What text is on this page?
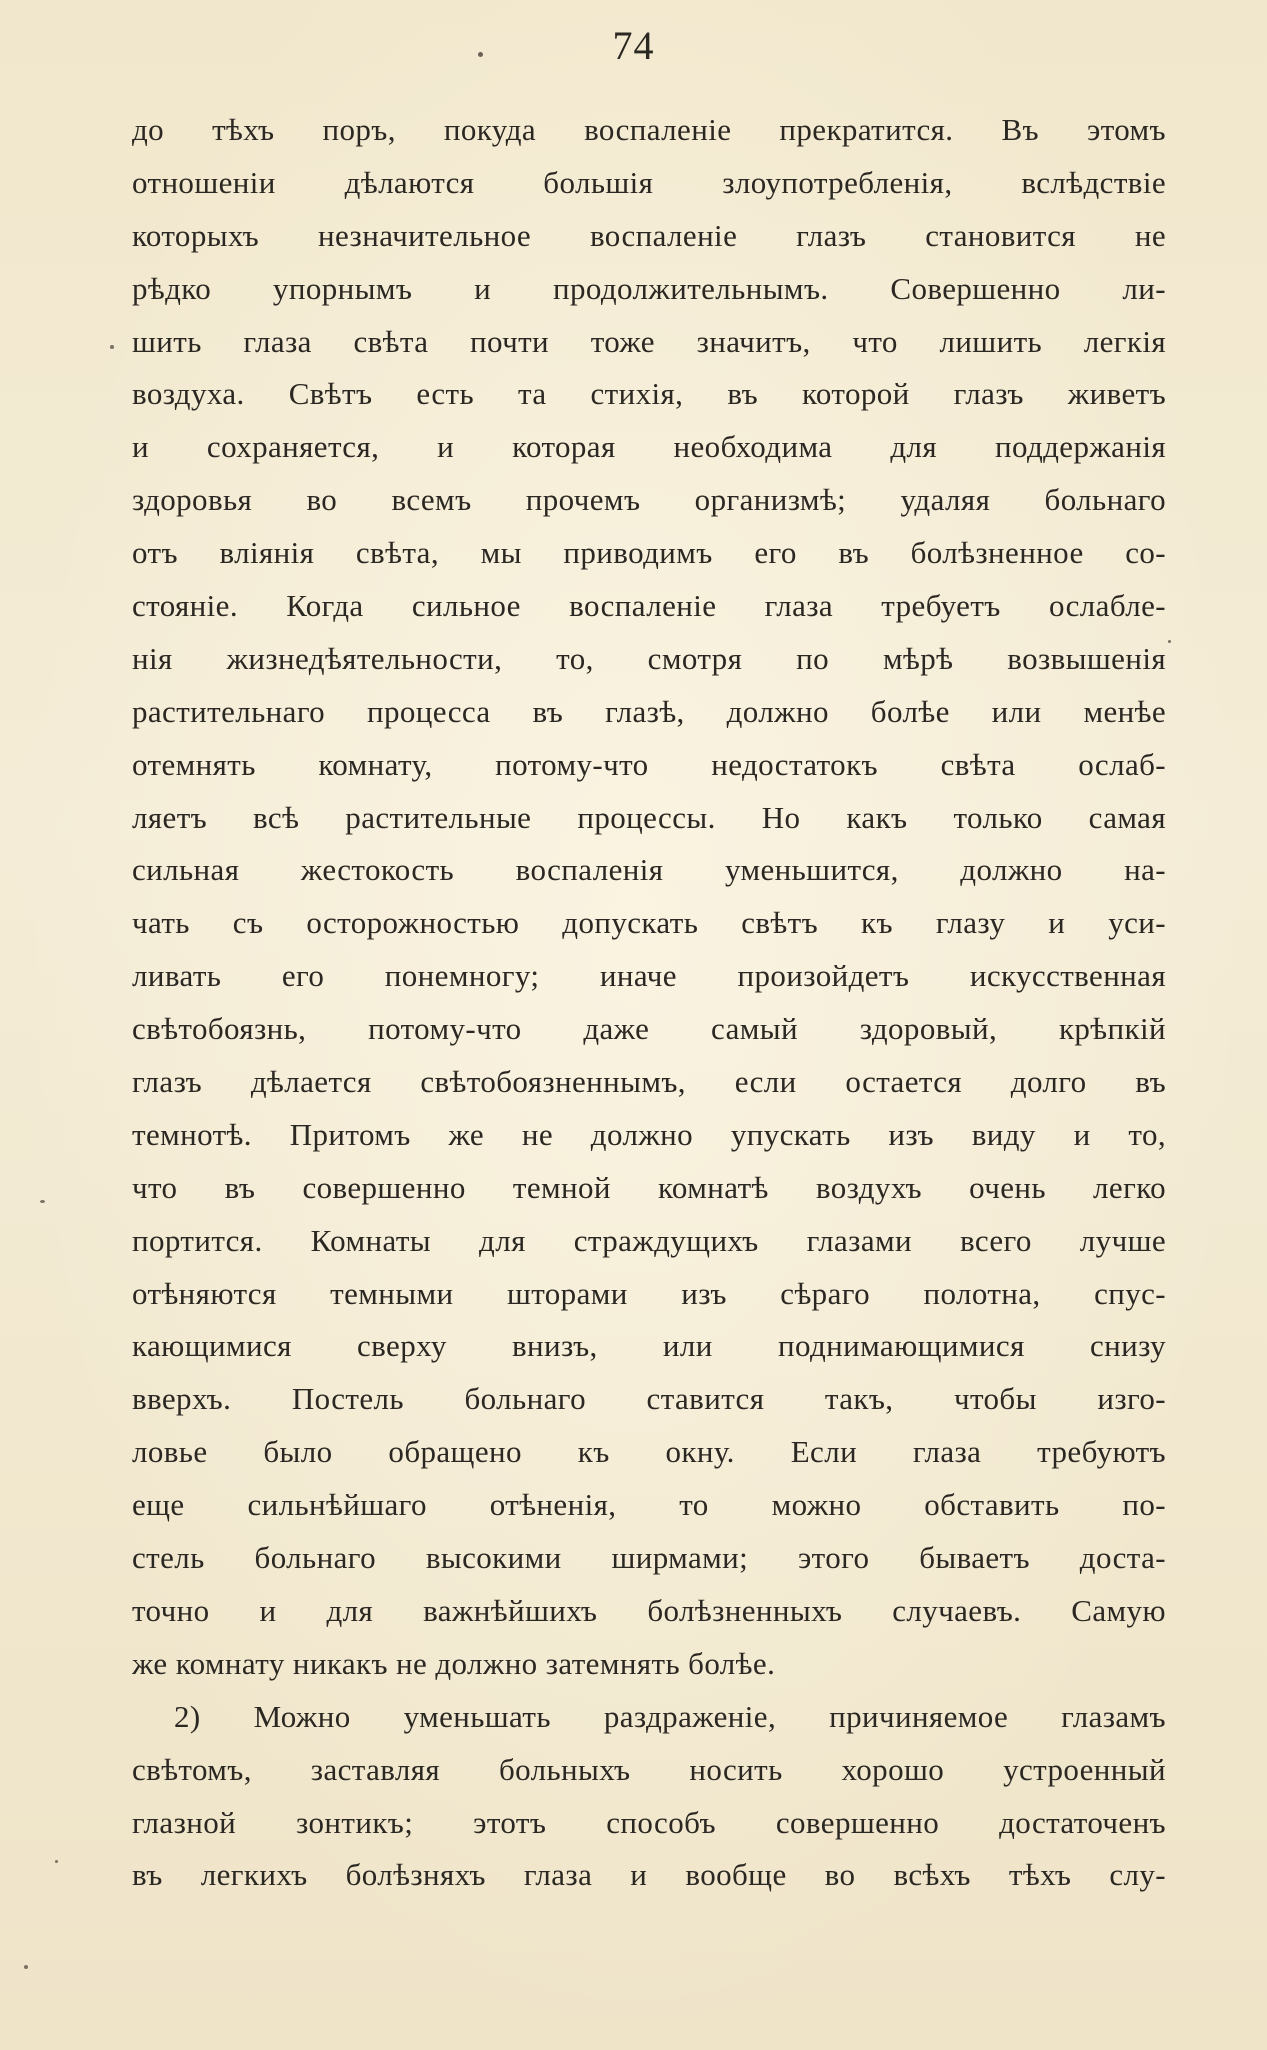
74
до тѣхъ поръ, покуда воспаленіе прекратится. Въ этомъ
отношеніи дѣлаются большія злоупотребленія, вслѣдствіе
которыхъ незначительное воспаленіе глазъ становится не
рѣдко упорнымъ и продолжительнымъ. Совершенно ли-
шить глаза свѣта почти тоже значитъ, что лишить легкія
воздуха. Свѣтъ есть та стихія, въ которой глазъ живетъ
и сохраняется, и которая необходима для поддержанія
здоровья во всемъ прочемъ организмѣ; удаляя больнаго
отъ вліянія свѣта, мы приводимъ его въ болѣзненное со-
стояніе. Когда сильное воспаленіе глаза требуетъ ослабле-
нія жизнедѣятельности, то, смотря по мѣрѣ возвышенія
растительнаго процесса въ глазѣ, должно болѣе или менѣе
отемнять комнату, потому-что недостатокъ свѣта ослаб-
ляетъ всѣ растительные процессы. Но какъ только самая
сильная жестокость воспаленія уменьшится, должно на-
чать съ осторожностью допускать свѣтъ къ глазу и уси-
ливать его понемногу; иначе произойдетъ искусственная
свѣтобоязнь, потому-что даже самый здоровый, крѣпкій
глазъ дѣлается свѣтобоязненнымъ, если остается долго въ
темнотѣ. Притомъ же не должно упускать изъ виду и то,
что въ совершенно темной комнатѣ воздухъ очень легко
портится. Комнаты для страждущихъ глазами всего лучше
отѣняются темными шторами изъ сѣраго полотна, спус-
кающимися сверху внизъ, или поднимающимися снизу
вверхъ. Постель больнаго ставится такъ, чтобы изго-
ловье было обращено къ окну. Если глаза требуютъ
еще сильнѣйшаго отѣненія, то можно обставить по-
стель больнаго высокими ширмами; этого бываетъ доста-
точно и для важнѣйшихъ болѣзненныхъ случаевъ. Самую
же комнату никакъ не должно затемнять болѣе.
2) Можно уменьшать раздраженіе, причиняемое глазамъ
свѣтомъ, заставляя больныхъ носить хорошо устроенный
глазной зонтикъ; этотъ способъ совершенно достаточенъ
въ легкихъ болѣзняхъ глаза и вообще во всѣхъ тѣхъ слу-
